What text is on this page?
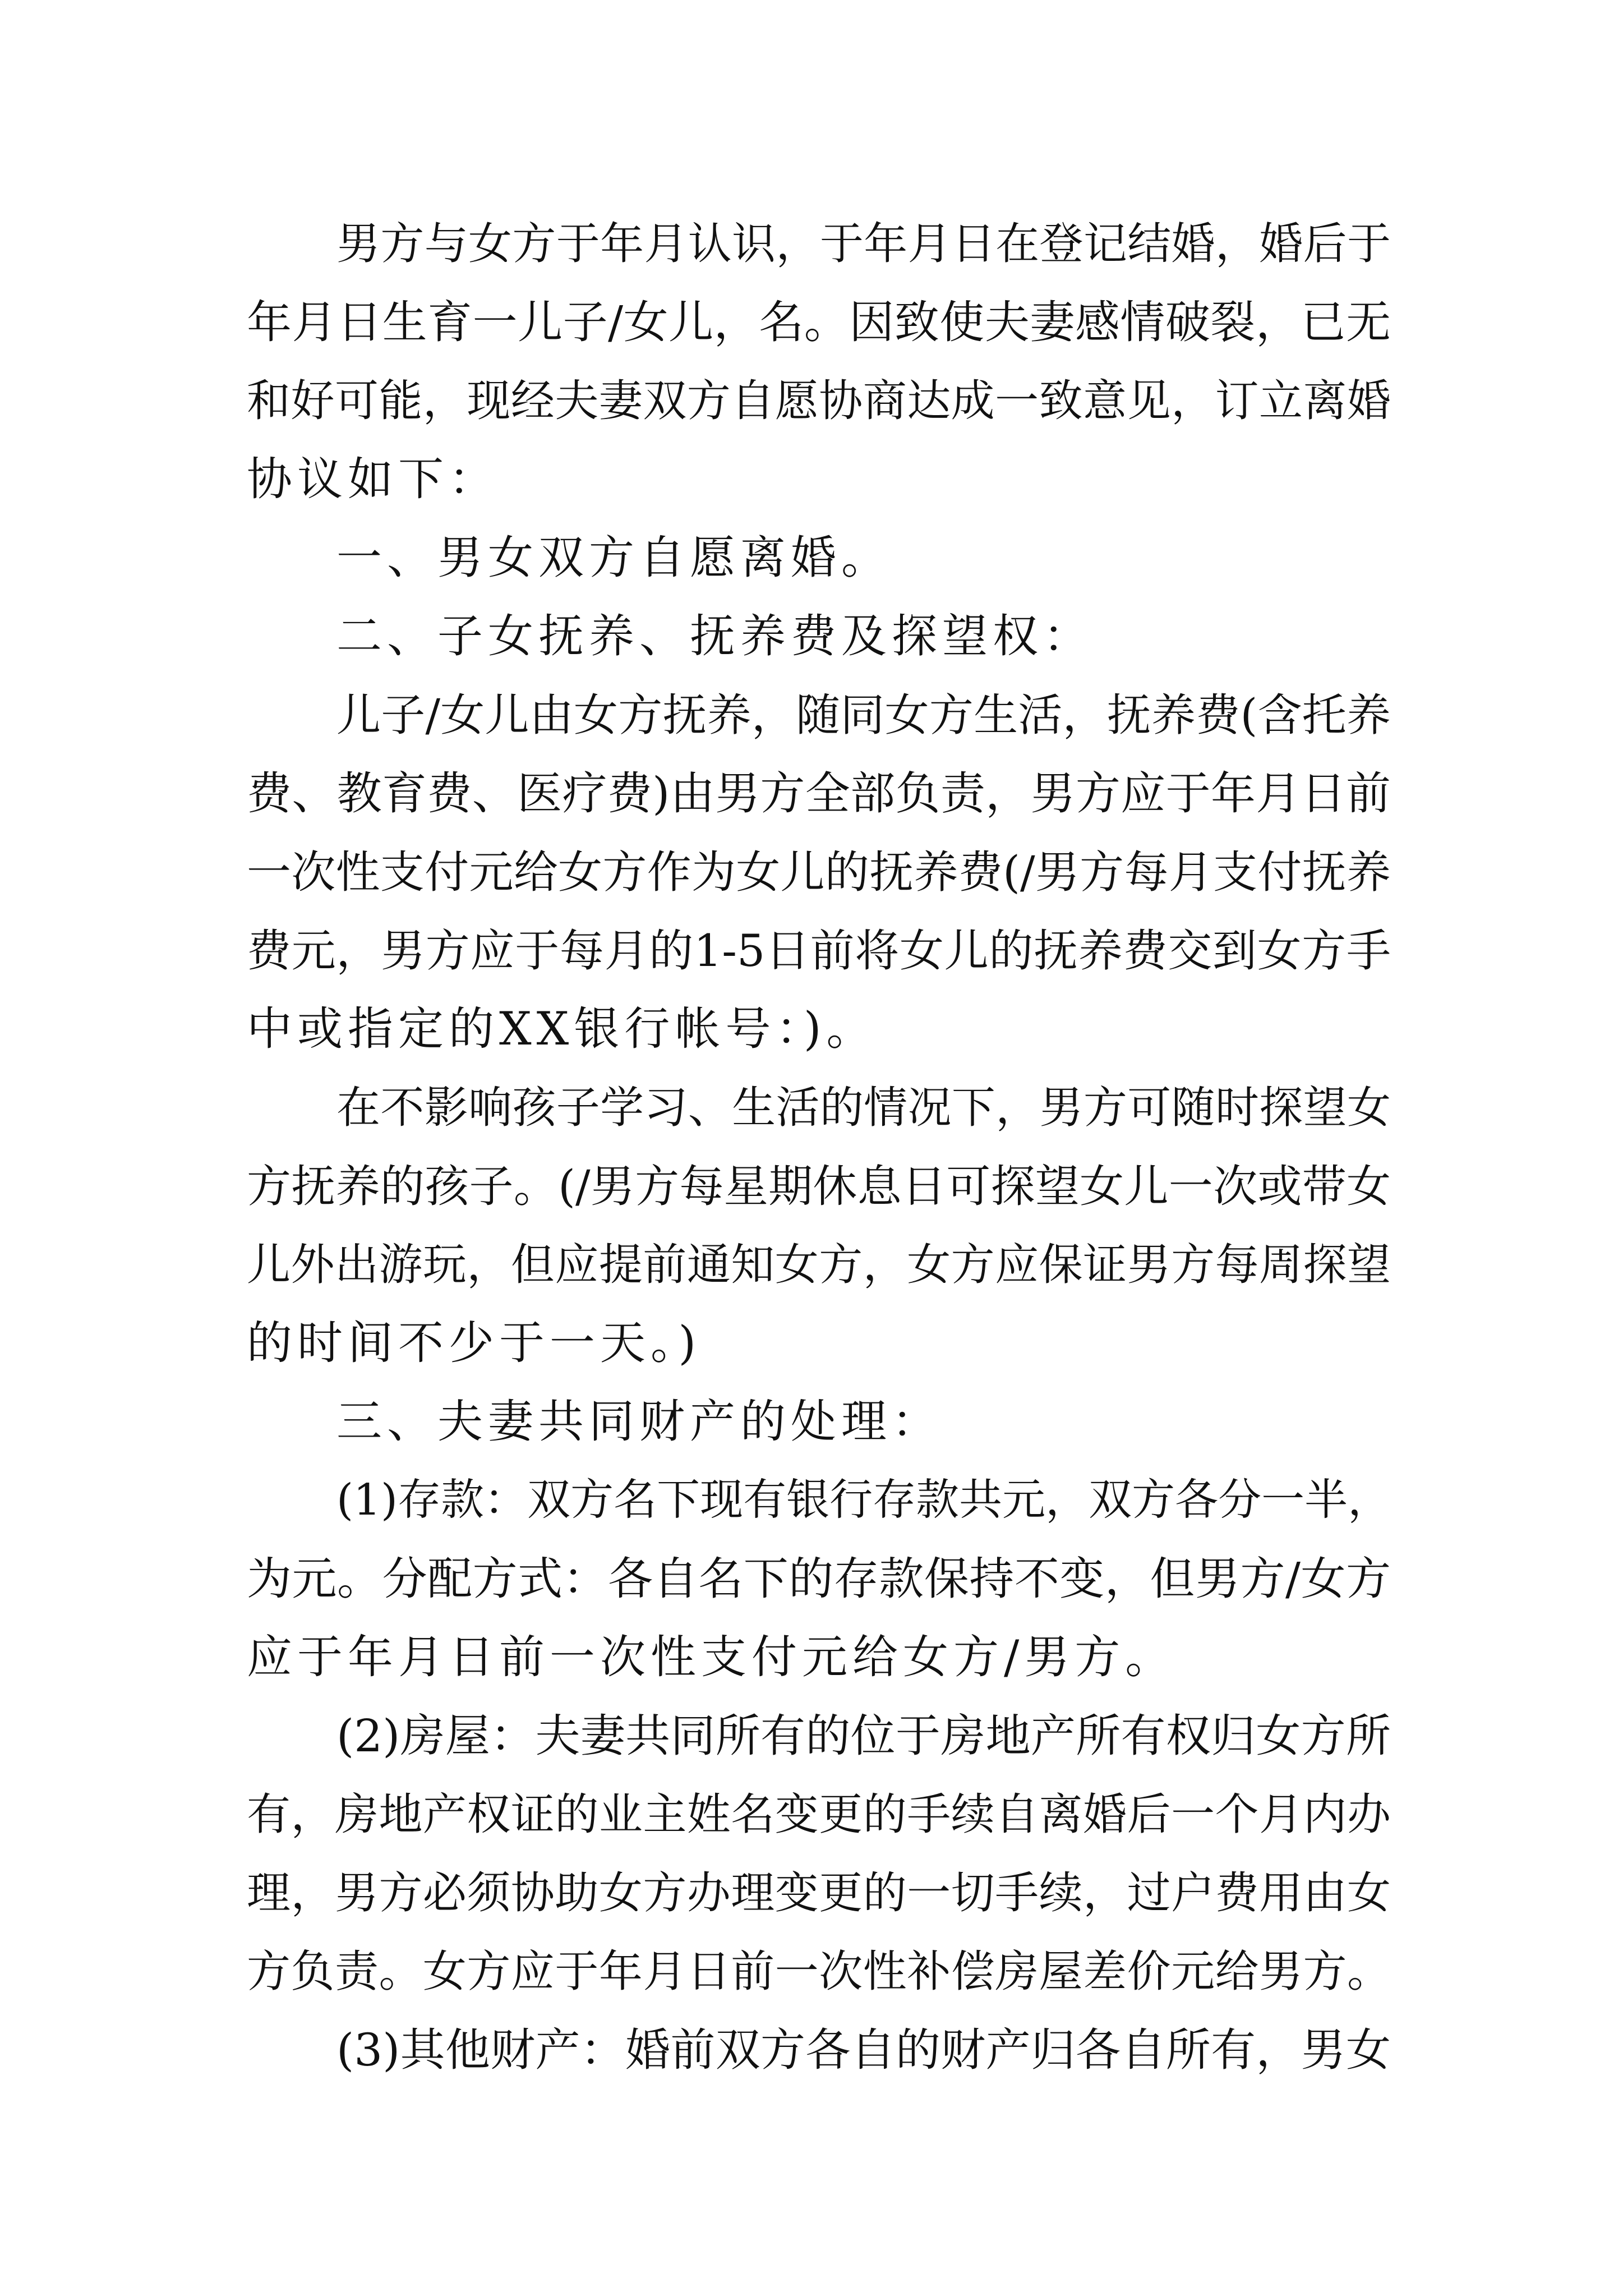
男方与女方于年月认识，于年月日在登记结婚，婚后于
年月日生育一儿子/女儿，名。因致使夫妻感情破裂，已无
和好可能，现经夫妻双方自愿协商达成一致意见，订立离婚
协议如下：
一、男女双方自愿离婚。
二、子女抚养、抚养费及探望权：
儿子/女儿由女方抚养，随同女方生活，抚养费(含托养
费、教育费、医疗费)由男方全部负责，男方应于年月日前
一次性支付元给女方作为女儿的抚养费(/男方每月支付抚养
费元，男方应于每月的1-5日前将女儿的抚养费交到女方手
中或指定的XX银行帐号：)。
在不影响孩子学习、生活的情况下，男方可随时探望女
方抚养的孩子。(/男方每星期休息日可探望女儿一次或带女
儿外出游玩，但应提前通知女方，女方应保证男方每周探望
的时间不少于一天。)
三、夫妻共同财产的处理：
(1)存款：双方名下现有银行存款共元，双方各分一半，
为元。分配方式：各自名下的存款保持不变，但男方/女方
应于年月日前一次性支付元给女方/男方。
(2)房屋：夫妻共同所有的位于房地产所有权归女方所
有，房地产权证的业主姓名变更的手续自离婚后一个月内办
理，男方必须协助女方办理变更的一切手续，过户费用由女
方负责。女方应于年月日前一次性补偿房屋差价元给男方。
(3)其他财产：婚前双方各自的财产归各自所有，男女
